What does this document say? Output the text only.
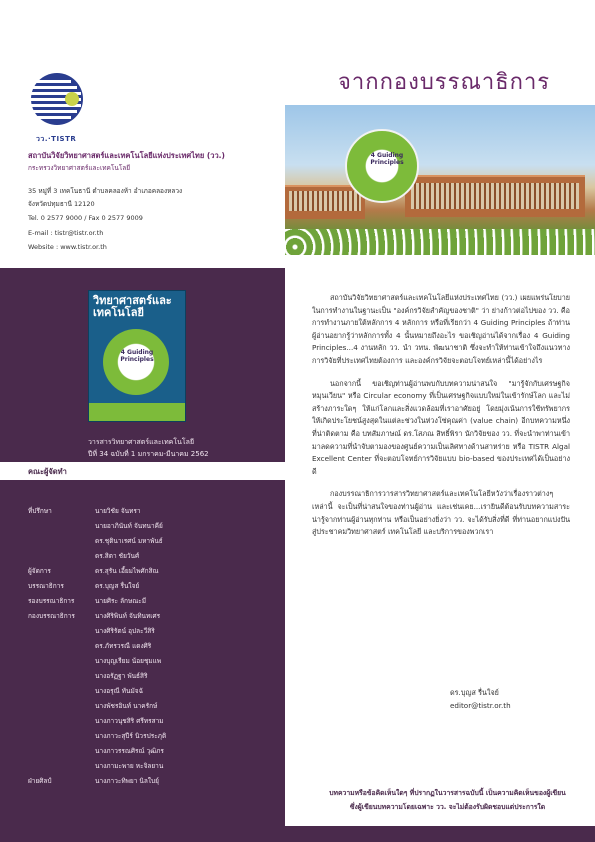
วว.·TISTR
สถาบันวิจัยวิทยาศาสตร์และเทคโนโลยีแห่งประเทศไทย (วว.)
กระทรวงวิทยาศาสตร์และเทคโนโลยี
35 หมู่ที่ 3 เทคโนธานี ตำบลคลองห้า อำเภอคลองหลวง
จังหวัดปทุมธานี 12120
Tel. 0 2577 9000 / Fax 0 2577 9009
E-mail : tistr@tistr.or.th
Website : www.tistr.or.th
วิทยาศาสตร์และเทคโนโลยี
4 Guiding Principles
วารสารวิทยาศาสตร์และเทคโนโลยี
ปีที่ 34 ฉบับที่ 1 มกราคม-มีนาคม 2562
คณะผู้จัดทำ
ที่ปรึกษา	นายวิชัย จันทรา
นายอาภินันท์ จันทนาคีย์
ดร.ชุตินาเรศน์ มหาพันธ์
ดร.สิตา ชัยวันศ์
ผู้จัดการ	ดร.สุรัน เอี้ยมไพศักสิณ
บรรณาธิการ	ดร.บุญส รื่นใจย์
รองบรรณาธิการ	นายศิระ ลักษณะมี
กองบรรณาธิการ	นางศิริพินท์ จันทินทเศร
นางศิริรัตน์ อุปละวีสิริ
ดร.ภัทรวรณี แดงศิริ
นางบุญเรียม น้อยชุมแพ
นางอรัฏฐา พันธ์สิริ
นางอรุณี ทันมัจฉั
นางพัชรอินท์ นาครักษ์
นางภาวนุชสิริ ศรีทรสาม
นางภาวะสุปีร์ นิวรประภุติ
นางภาวรรณศิรณ์ วุฒิภร
นางภามะพาย หะจิลยาน
ฝ่ายศิลป์	นางภาวะทิพยา นิลใบยุ์
จากกองบรรณาธิการ
4 Guiding Principles

สถาบันวิจัยวิทยาศาสตร์และเทคโนโลยีแห่งประเทศไทย (วว.) เผยแพร่นโยบายในการทำงานในฐานะเป็น "องค์กรวิจัยสำคัญของชาติ" ว่า ย่างก้าวต่อไปของ วว. คือ การทำงานภายใต้หลักการ 4 หลักการ หรือที่เรียกว่า 4 Guiding Principles ถ้าท่านผู้อ่านอยากรู้ว่าหลักการทั้ง 4 นั้นหมายถึงอะไร ขอเชิญอ่านได้จากเรื่อง 4 Guiding Principles...4 งานหลัก วว. นำ วทน. พัฒนาชาติ ซึ่งจะทำให้ท่านเข้าใจถึงแนวทางการวิจัยที่ประเทศไทยต้องการ และองค์กรวิจัยจะตอบโจทย์เหล่านี้ได้อย่างไร

นอกจากนี้ ขอเชิญท่านผู้อ่านพบกับบทความน่าสนใจ "มารู้จักกับเศรษฐกิจหมุนเวียน" หรือ Circular economy ที่เป็นเศรษฐกิจแบบใหม่ในเข้ารักษ์โลก และไม่สร้างภาระใดๆ ให้แก่โลกและสิ่งแวดล้อมที่เราอาศัยอยู่ โดยมุ่งเน้นการใช้ทรัพยากรให้เกิดประโยชน์สูงสุดในแต่ละช่วงในห่วงโซ่คุณค่า (value chain) อีกบทความหนึ่งที่น่าติดตาม คือ บทสัมภาษณ์ ดร.โสภณ สิทธิ์พิรา นักวิจัยของ วว. ที่จะนำพาท่านเข้ามาลดความที่นำจับตามองของศูนย์ความเป็นเลิศทางด้านสาหร่าย หรือ TISTR Algal Excellent Center ที่จะตอบโจทย์การวิจัยแบบ bio-based ของประเทศได้เป็นอย่างดี

กองบรรณาธิการวารสารวิทยาศาสตร์และเทคโนโลยีหวังว่าเรื่องราวต่างๆ เหล่านี้ จะเป็นที่น่าสนใจของท่านผู้อ่าน และเช่นเคย...เรายินดีต้อนรับบทความสาระน่ารู้จากท่านผู้อ่านทุกท่าน หรือเป็นอย่างยิ่งว่า วว. จะได้รับสิ่งที่ดี ที่ท่านอยากแบ่งปันสู่ประชาคมวิทยาศาสตร์ เทคโนโลยี และบริการของพวกเรา

ดร.บุญส รื่นใจย์
editor@tistr.or.th
บทความหรือข้อคิดเห็นใดๆ ที่ปรากฏในวารสารฉบับนี้ เป็นความคิดเห็นของผู้เขียน
ซึ่งผู้เขียนบทความโดยเฉพาะ วว. จะไม่ต้องรับผิดชอบแต่ประการใด
